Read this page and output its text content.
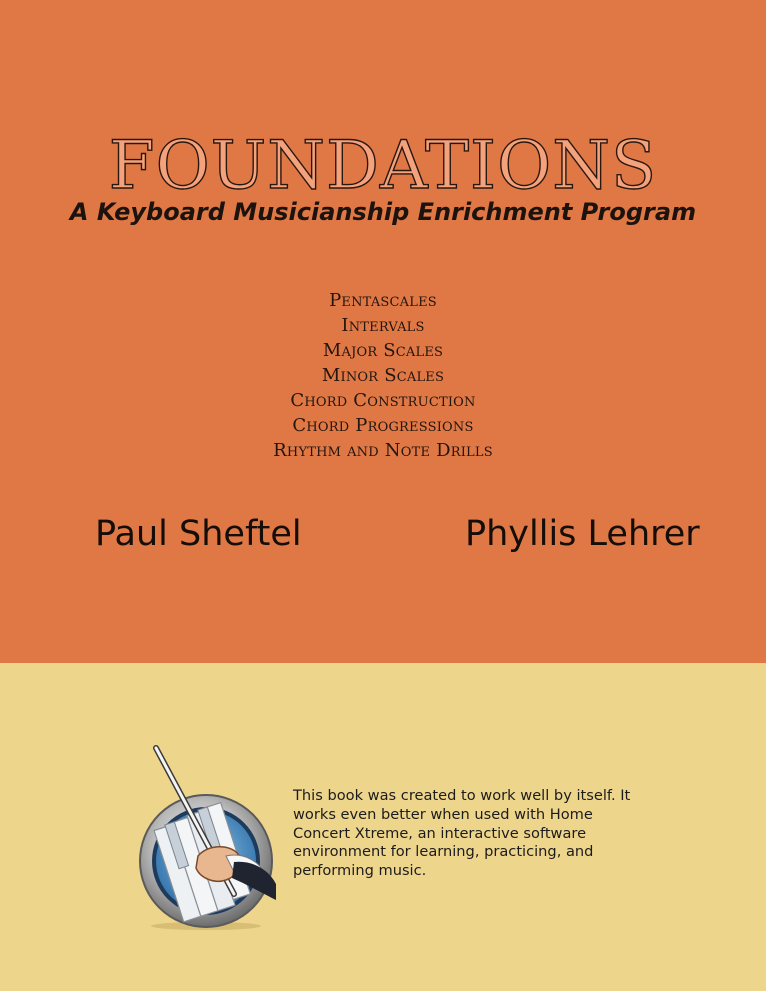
FOUNDATIONS
A Keyboard Musicianship Enrichment Program
Pentascales
Intervals
Major Scales
Minor Scales
Chord Construction
Chord Progressions
Rhythm and Note Drills
Paul Sheftel	Phyllis Lehrer

This book was created to work well by itself. It works even better when used with Home Concert Xtreme, an interactive software environment for learning, practicing, and performing music.
